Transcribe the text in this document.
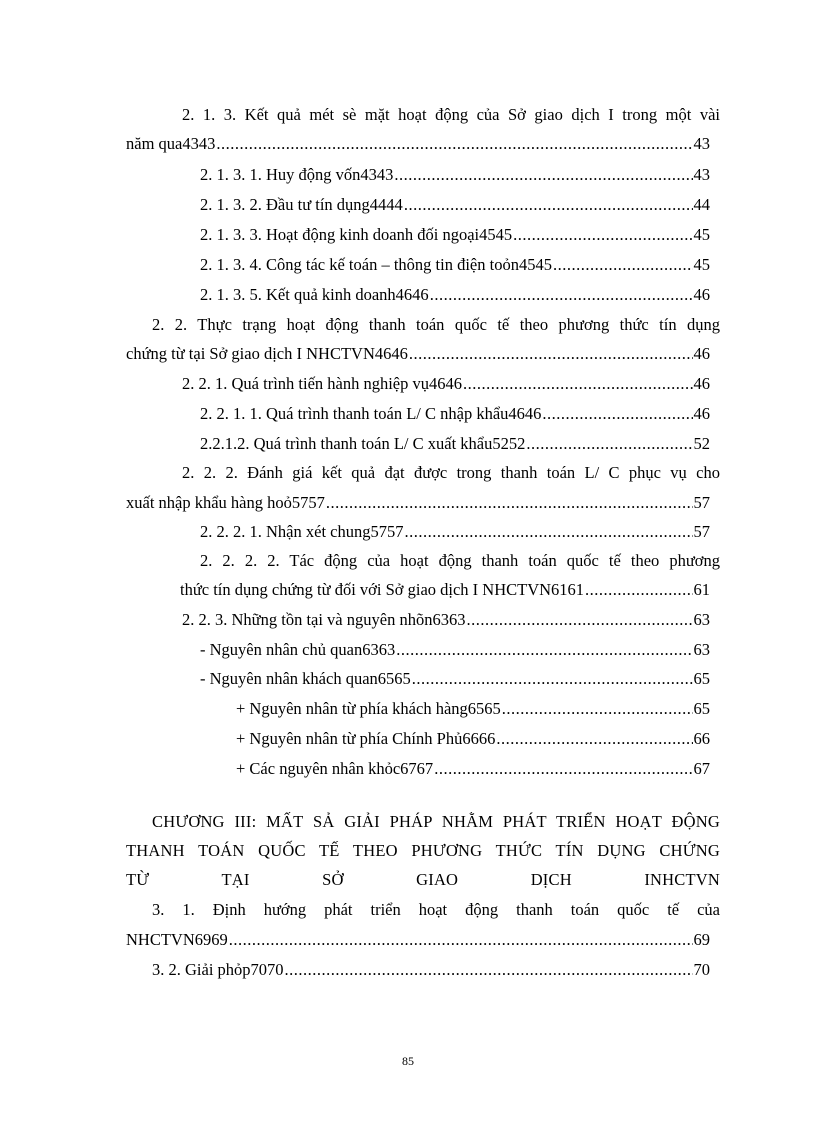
2. 1. 3. Kết quả mét sè mặt hoạt động của Sở giao dịch I trong một vài
năm qua4343 .....	43
2. 1. 3. 1. Huy động vốn4343 .....	43
2. 1. 3. 2. Đầu tư tín dụng4444 .....	44
2. 1. 3. 3. Hoạt động kinh doanh đối ngoại4545 .....	45
2. 1. 3. 4. Công tác kế toán – thông tin điện toỏn4545 .....	45
2. 1. 3. 5. Kết quả kinh doanh4646 .....	46
2. 2. Thực trạng hoạt động thanh toán quốc tế theo phương thức tín dụng
chứng từ tại Sở giao dịch I NHCTVN4646 .....	46
2. 2. 1. Quá trình tiến hành nghiệp vụ4646 .....	46
2. 2. 1. 1. Quá trình thanh toán L/ C nhập khẩu4646 .....	46
2.2.1.2. Quá trình thanh toán L/ C xuất khẩu5252 .....	52
2. 2. 2. Đánh giá kết quả đạt được trong thanh toán L/ C phục vụ cho
xuất nhập khẩu hàng hoỏ5757 .....	57
2. 2. 2. 1. Nhận xét chung5757 .....	57
2. 2. 2. 2. Tác động của hoạt động thanh toán quốc tế theo phương
thức tín dụng chứng từ đối với Sở giao dịch I NHCTVN6161 .....	61
2. 2. 3. Những tồn tại và nguyên nhõn6363 .....	63
- Nguyên nhân chủ quan6363 .....	63
- Nguyên nhân khách quan6565 .....	65
+ Nguyên nhân từ phía khách hàng6565 .....	65
+ Nguyên nhân từ phía Chính Phủ6666 .....	66
+ Các nguyên nhân khỏc6767 .....	67
CHƯƠNG III: MẤT SẢ GIẢI PHÁP NHẰM PHÁT TRIỂN HOẠT ĐỘNG
THANH TOÁN QUỐC TẾ THEO PHƯƠNG THỨC TÍN DỤNG CHỨNG
TỪ TẠI SỞ GIAO DỊCH INHCTVN
3. 1. Định hướng phát triển hoạt động thanh toán quốc tế của
NHCTVN6969 .....	69
3. 2. Giải phỏp7070 .....	70
85
